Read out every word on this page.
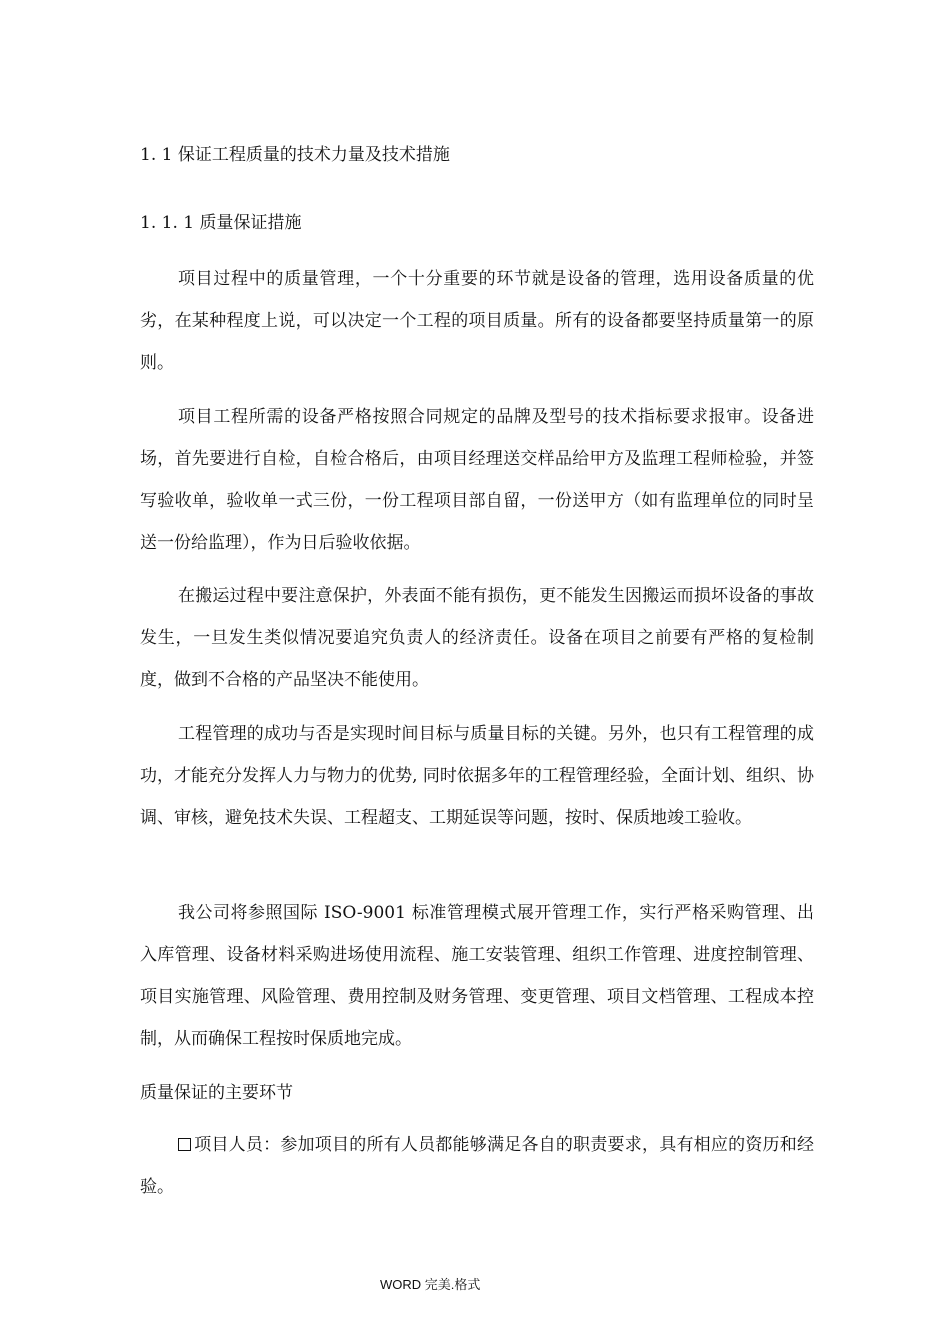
1. 1 保证工程质量的技术力量及技术措施
1. 1. 1 质量保证措施

项目过程中的质量管理，一个十分重要的环节就是设备的管理，选用设备质量的优劣，在某种程度上说，可以决定一个工程的项目质量。所有的设备都要坚持质量第一的原则。

项目工程所需的设备严格按照合同规定的品牌及型号的技术指标要求报审。设备进场，首先要进行自检，自检合格后，由项目经理送交样品给甲方及监理工程师检验，并签写验收单，验收单一式三份，一份工程项目部自留，一份送甲方（如有监理单位的同时呈送一份给监理），作为日后验收依据。

在搬运过程中要注意保护，外表面不能有损伤，更不能发生因搬运而损坏设备的事故发生，一旦发生类似情况要追究负责人的经济责任。设备在项目之前要有严格的复检制度，做到不合格的产品坚决不能使用。

工程管理的成功与否是实现时间目标与质量目标的关键。另外，也只有工程管理的成功，才能充分发挥人力与物力的优势, 同时依据多年的工程管理经验，全面计划、组织、协调、审核，避免技术失误、工程超支、工期延误等问题，按时、保质地竣工验收。

我公司将参照国际 ISO-9001 标准管理模式展开管理工作，实行严格采购管理、出入库管理、设备材料采购进场使用流程、施工安装管理、组织工作管理、进度控制管理、项目实施管理、风险管理、费用控制及财务管理、变更管理、项目文档管理、工程成本控制，从而确保工程按时保质地完成。

质量保证的主要环节

项目人员：参加项目的所有人员都能够满足各自的职责要求，具有相应的资历和经验。

WORD 完美.格式
